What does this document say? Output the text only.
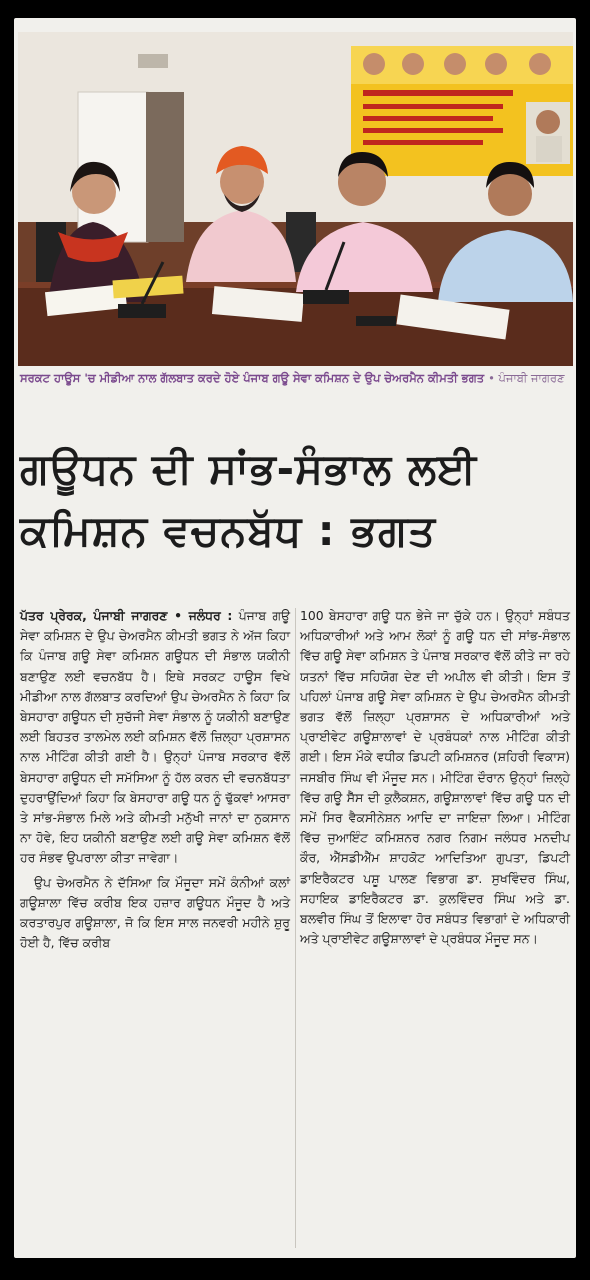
ਸਰਕਟ ਹਾਊਸ 'ਚ ਮੀਡੀਆ ਨਾਲ ਗੱਲਬਾਤ ਕਰਦੇ ਹੋਏ ਪੰਜਾਬ ਗਊ ਸੇਵਾ ਕਮਿਸ਼ਨ ਦੇ ਉਪ ਚੇਅਰਮੈਨ ਕੀਮਤੀ ਭਗਤ • ਪੰਜਾਬੀ ਜਾਗਰਣ
ਗਊਧਨ ਦੀ ਸਾਂਭ-ਸੰਭਾਲ ਲਈ
ਕਮਿਸ਼ਨ ਵਚਨਬੱਧ : ਭਗਤ

ਪੱਤਰ ਪ੍ਰੇਰਕ, ਪੰਜਾਬੀ ਜਾਗਰਣ • ਜਲੰਧਰ : ਪੰਜਾਬ ਗਊ ਸੇਵਾ ਕਮਿਸ਼ਨ ਦੇ ਉਪ ਚੇਅਰਮੈਨ ਕੀਮਤੀ ਭਗਤ ਨੇ ਅੱਜ ਕਿਹਾ ਕਿ ਪੰਜਾਬ ਗਊ ਸੇਵਾ ਕਮਿਸ਼ਨ ਗਊਧਨ ਦੀ ਸੰਭਾਲ ਯਕੀਨੀ ਬਣਾਉਣ ਲਈ ਵਚਨਬੱਧ ਹੈ। ਇਥੇ ਸਰਕਟ ਹਾਊਸ ਵਿਖੇ ਮੀਡੀਆ ਨਾਲ ਗੱਲਬਾਤ ਕਰਦਿਆਂ ਉਪ ਚੇਅਰਮੈਨ ਨੇ ਕਿਹਾ ਕਿ ਬੇਸਹਾਰਾ ਗਊਧਨ ਦੀ ਸੁਚੱਜੀ ਸੇਵਾ ਸੰਭਾਲ ਨੂੰ ਯਕੀਨੀ ਬਣਾਉਣ ਲਈ ਬਿਹਤਰ ਤਾਲਮੇਲ ਲਈ ਕਮਿਸ਼ਨ ਵੱਲੋਂ ਜ਼ਿਲ੍ਹਾ ਪ੍ਰਸ਼ਾਸਨ ਨਾਲ ਮੀਟਿੰਗ ਕੀਤੀ ਗਈ ਹੈ। ਉਨ੍ਹਾਂ ਪੰਜਾਬ ਸਰਕਾਰ ਵੱਲੋਂ ਬੇਸਹਾਰਾ ਗਊਧਨ ਦੀ ਸਮੱਸਿਆ ਨੂੰ ਹੱਲ ਕਰਨ ਦੀ ਵਚਨਬੱਧਤਾ ਦੁਹਰਾਉਂਦਿਆਂ ਕਿਹਾ ਕਿ ਬੇਸਹਾਰਾ ਗਊ ਧਨ ਨੂੰ ਢੁੱਕਵਾਂ ਆਸਰਾ ਤੇ ਸਾਂਭ-ਸੰਭਾਲ ਮਿਲੇ ਅਤੇ ਕੀਮਤੀ ਮਨੁੱਖੀ ਜਾਨਾਂ ਦਾ ਨੁਕਸਾਨ ਨਾ ਹੋਵੇ, ਇਹ ਯਕੀਨੀ ਬਣਾਉਣ ਲਈ ਗਊ ਸੇਵਾ ਕਮਿਸ਼ਨ ਵੱਲੋਂ ਹਰ ਸੰਭਵ ਉਪਰਾਲਾ ਕੀਤਾ ਜਾਵੇਗਾ।

ਉਪ ਚੇਅਰਮੈਨ ਨੇ ਦੱਸਿਆ ਕਿ ਮੌਜੂਦਾ ਸਮੇਂ ਕੰਨੀਆਂ ਕਲਾਂ ਗਊਸ਼ਾਲਾ ਵਿੱਚ ਕਰੀਬ ਇਕ ਹਜ਼ਾਰ ਗਊਧਨ ਮੌਜੂਦ ਹੈ ਅਤੇ ਕਰਤਾਰਪੁਰ ਗਊਸ਼ਾਲਾ, ਜੋ ਕਿ ਇਸ ਸਾਲ ਜਨਵਰੀ ਮਹੀਨੇ ਸ਼ੁਰੂ ਹੋਈ ਹੈ, ਵਿੱਚ ਕਰੀਬ

100 ਬੇਸਹਾਰਾ ਗਊ ਧਨ ਭੇਜੇ ਜਾ ਚੁੱਕੇ ਹਨ। ਉਨ੍ਹਾਂ ਸਬੰਧਤ ਅਧਿਕਾਰੀਆਂ ਅਤੇ ਆਮ ਲੋਕਾਂ ਨੂੰ ਗਊ ਧਨ ਦੀ ਸਾਂਭ-ਸੰਭਾਲ ਵਿੱਚ ਗਊ ਸੇਵਾ ਕਮਿਸ਼ਨ ਤੇ ਪੰਜਾਬ ਸਰਕਾਰ ਵੱਲੋਂ ਕੀਤੇ ਜਾ ਰਹੇ ਯਤਨਾਂ ਵਿੱਚ ਸਹਿਯੋਗ ਦੇਣ ਦੀ ਅਪੀਲ ਵੀ ਕੀਤੀ। ਇਸ ਤੋਂ ਪਹਿਲਾਂ ਪੰਜਾਬ ਗਊ ਸੇਵਾ ਕਮਿਸ਼ਨ ਦੇ ਉਪ ਚੇਅਰਮੈਨ ਕੀਮਤੀ ਭਗਤ ਵੱਲੋਂ ਜ਼ਿਲ੍ਹਾ ਪ੍ਰਸ਼ਾਸਨ ਦੇ ਅਧਿਕਾਰੀਆਂ ਅਤੇ ਪ੍ਰਾਈਵੇਟ ਗਊਸ਼ਾਲਾਵਾਂ ਦੇ ਪ੍ਰਬੰਧਕਾਂ ਨਾਲ ਮੀਟਿੰਗ ਕੀਤੀ ਗਈ। ਇਸ ਮੌਕੇ ਵਧੀਕ ਡਿਪਟੀ ਕਮਿਸ਼ਨਰ (ਸ਼ਹਿਰੀ ਵਿਕਾਸ) ਜਸਬੀਰ ਸਿੰਘ ਵੀ ਮੌਜੂਦ ਸਨ। ਮੀਟਿੰਗ ਦੌਰਾਨ ਉਨ੍ਹਾਂ ਜ਼ਿਲ੍ਹੇ ਵਿੱਚ ਗਊ ਸੈੱਸ ਦੀ ਕੁਲੈਕਸ਼ਨ, ਗਊਸ਼ਾਲਾਵਾਂ ਵਿੱਚ ਗਊ ਧਨ ਦੀ ਸਮੇਂ ਸਿਰ ਵੈਕਸੀਨੇਸ਼ਨ ਆਦਿ ਦਾ ਜਾਇਜ਼ਾ ਲਿਆ। ਮੀਟਿੰਗ ਵਿੱਚ ਜੁਆਇੰਟ ਕਮਿਸ਼ਨਰ ਨਗਰ ਨਿਗਮ ਜਲੰਧਰ ਮਨਦੀਪ ਕੌਰ, ਐੱਸਡੀਐੱਮ ਸ਼ਾਹਕੋਟ ਆਦਿਤਿਆ ਗੁਪਤਾ, ਡਿਪਟੀ ਡਾਇਰੈਕਟਰ ਪਸ਼ੂ ਪਾਲਣ ਵਿਭਾਗ ਡਾ. ਸੁਖਵਿੰਦਰ ਸਿੰਘ, ਸਹਾਇਕ ਡਾਇਰੈਕਟਰ ਡਾ. ਕੁਲਵਿੰਦਰ ਸਿੰਘ ਅਤੇ ਡਾ. ਬਲਵੀਰ ਸਿੰਘ ਤੋਂ ਇਲਾਵਾ ਹੋਰ ਸਬੰਧਤ ਵਿਭਾਗਾਂ ਦੇ ਅਧਿਕਾਰੀ ਅਤੇ ਪ੍ਰਾਈਵੇਟ ਗਊਸ਼ਾਲਾਵਾਂ ਦੇ ਪ੍ਰਬੰਧਕ ਮੌਜੂਦ ਸਨ।
